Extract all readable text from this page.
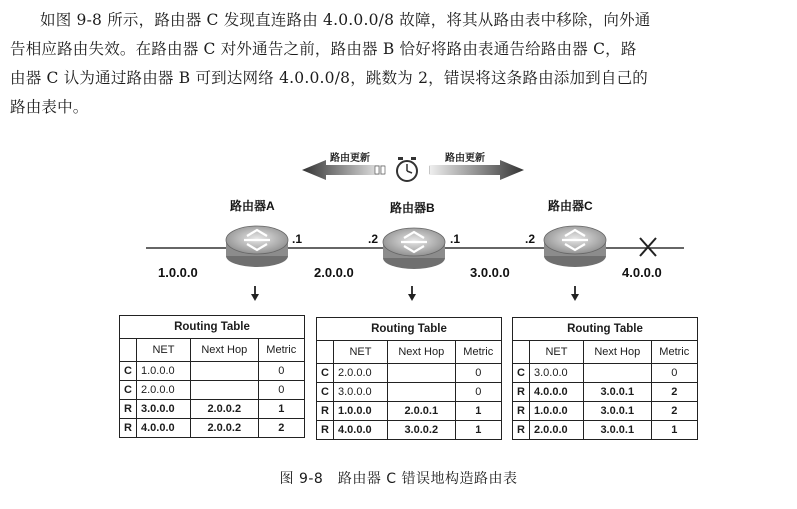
如图 9-8 所示，路由器 C 发现直连路由 4.0.0.0/8 故障，将其从路由表中移除，向外通
告相应路由失效。在路由器 C 对外通告之前，路由器 B 恰好将路由表通告给路由器 C，路
由器 C 认为通过路由器 B 可到达网络 4.0.0.0/8，跳数为 2，错误将这条路由添加到自己的
路由表中。
路由更新	路由更新
路由器A
.1
路由器B
.2	.1
路由器C
.2
1.0.0.0	2.0.0.0	3.0.0.0	4.0.0.0
Routing Table			
	NET	Next Hop	Metric
C	1.0.0.0		0
C	2.0.0.0		0
R	3.0.0.0	2.0.0.2	1
R	4.0.0.0	2.0.0.2	2
Routing Table			
	NET	Next Hop	Metric
C	2.0.0.0		0
C	3.0.0.0		0
R	1.0.0.0	2.0.0.1	1
R	4.0.0.0	3.0.0.2	1
Routing Table			
	NET	Next Hop	Metric
C	3.0.0.0		0
R	4.0.0.0	3.0.0.1	2
R	1.0.0.0	3.0.0.1	2
R	2.0.0.0	3.0.0.1	1
图 9-8　路由器 C 错误地构造路由表
